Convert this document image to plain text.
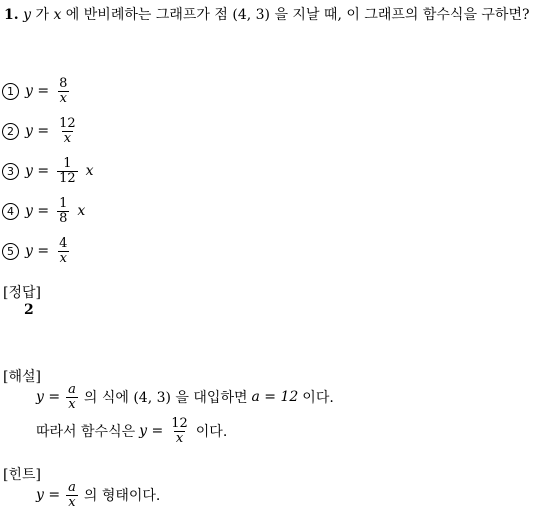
1. y 가 x 에 반비례하는 그래프가 점 (4, 3) 을 지날 때, 이 그래프의 함수식을 구하면?
1 $y = \frac{8}{x}$
2 $y = \frac{12}{x}$
3 $y = \frac{1}{12}$ x
4 $y = \frac{1}{8}$ x
5 $y = \frac{4}{x}$
[정답]
2
[해설]
$y = \frac{a}{x}$ 의 식에 (4, 3) 을 대입하면 a = 12 이다.
따라서 함수식은 $y = \frac{12}{x}$ 이다.
[힌트]
$y = \frac{a}{x}$ 의 형태이다.
